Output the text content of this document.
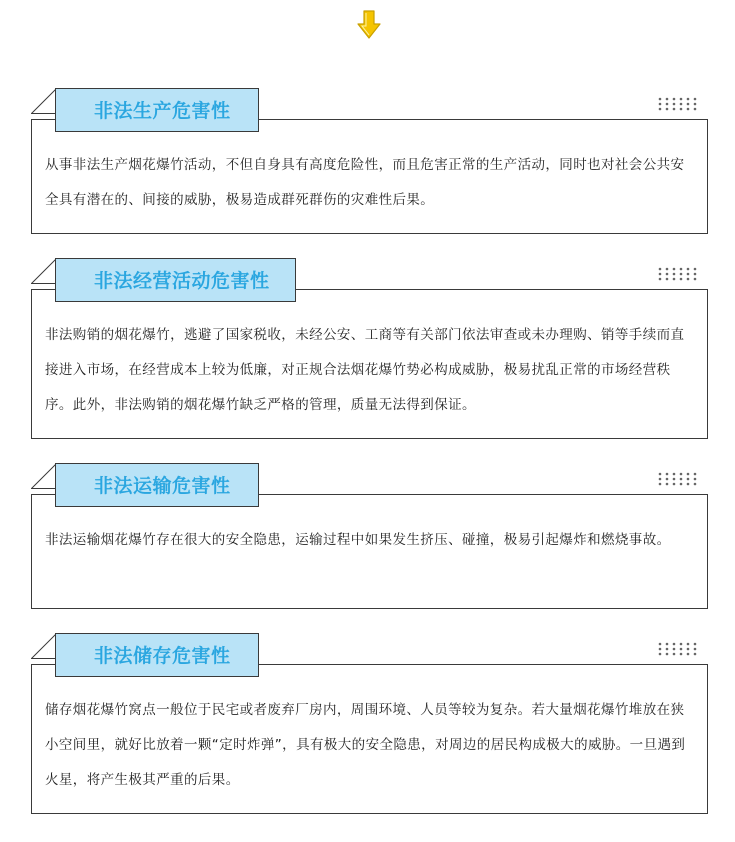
非法生产危害性
从事非法生产烟花爆竹活动，不但自身具有高度危险性，而且危害正常的生产活动，同时也对社会公共安全具有潜在的、间接的威胁，极易造成群死群伤的灾难性后果。
非法经营活动危害性
非法购销的烟花爆竹，逃避了国家税收，未经公安、工商等有关部门依法审查或未办理购、销等手续而直接进入市场，在经营成本上较为低廉，对正规合法烟花爆竹势必构成威胁，极易扰乱正常的市场经营秩序。此外，非法购销的烟花爆竹缺乏严格的管理，质量无法得到保证。
非法运输危害性
非法运输烟花爆竹存在很大的安全隐患，运输过程中如果发生挤压、碰撞，极易引起爆炸和燃烧事故。
非法储存危害性
储存烟花爆竹窝点一般位于民宅或者废弃厂房内，周围环境、人员等较为复杂。若大量烟花爆竹堆放在狭小空间里，就好比放着一颗“定时炸弹”，具有极大的安全隐患，对周边的居民构成极大的威胁。一旦遇到火星，将产生极其严重的后果。
